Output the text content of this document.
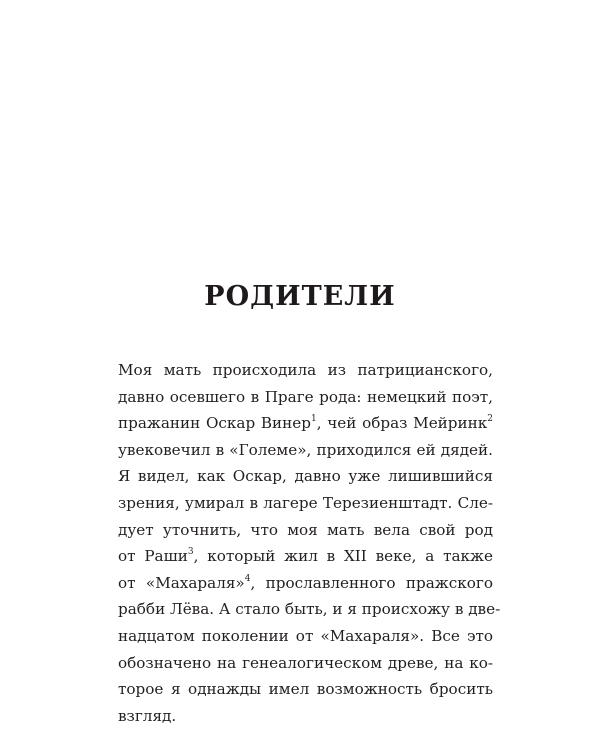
РОДИТЕЛИ
Моя мать происходила из патрицианского,
давно осевшего в Праге рода: немецкий поэт,
пражанин Оскар Винер$^1$, чей образ Мейринк$^2$
увековечил в «Големе», приходился ей дядей.
Я видел, как Оскар, давно уже лишившийся
зрения, умирал в лагере Терезиенштадт. Сле-
дует уточнить, что моя мать вела свой род
от Раши$^3$, который жил в XII веке, а также
от «Махараля»$^4$, прославленного пражского
рабби Лёва. А стало быть, и я происхожу в две-
надцатом поколении от «Махараля». Все это
обозначено на генеалогическом древе, на ко-
торое я однажды имел возможность бросить
взгляд.
